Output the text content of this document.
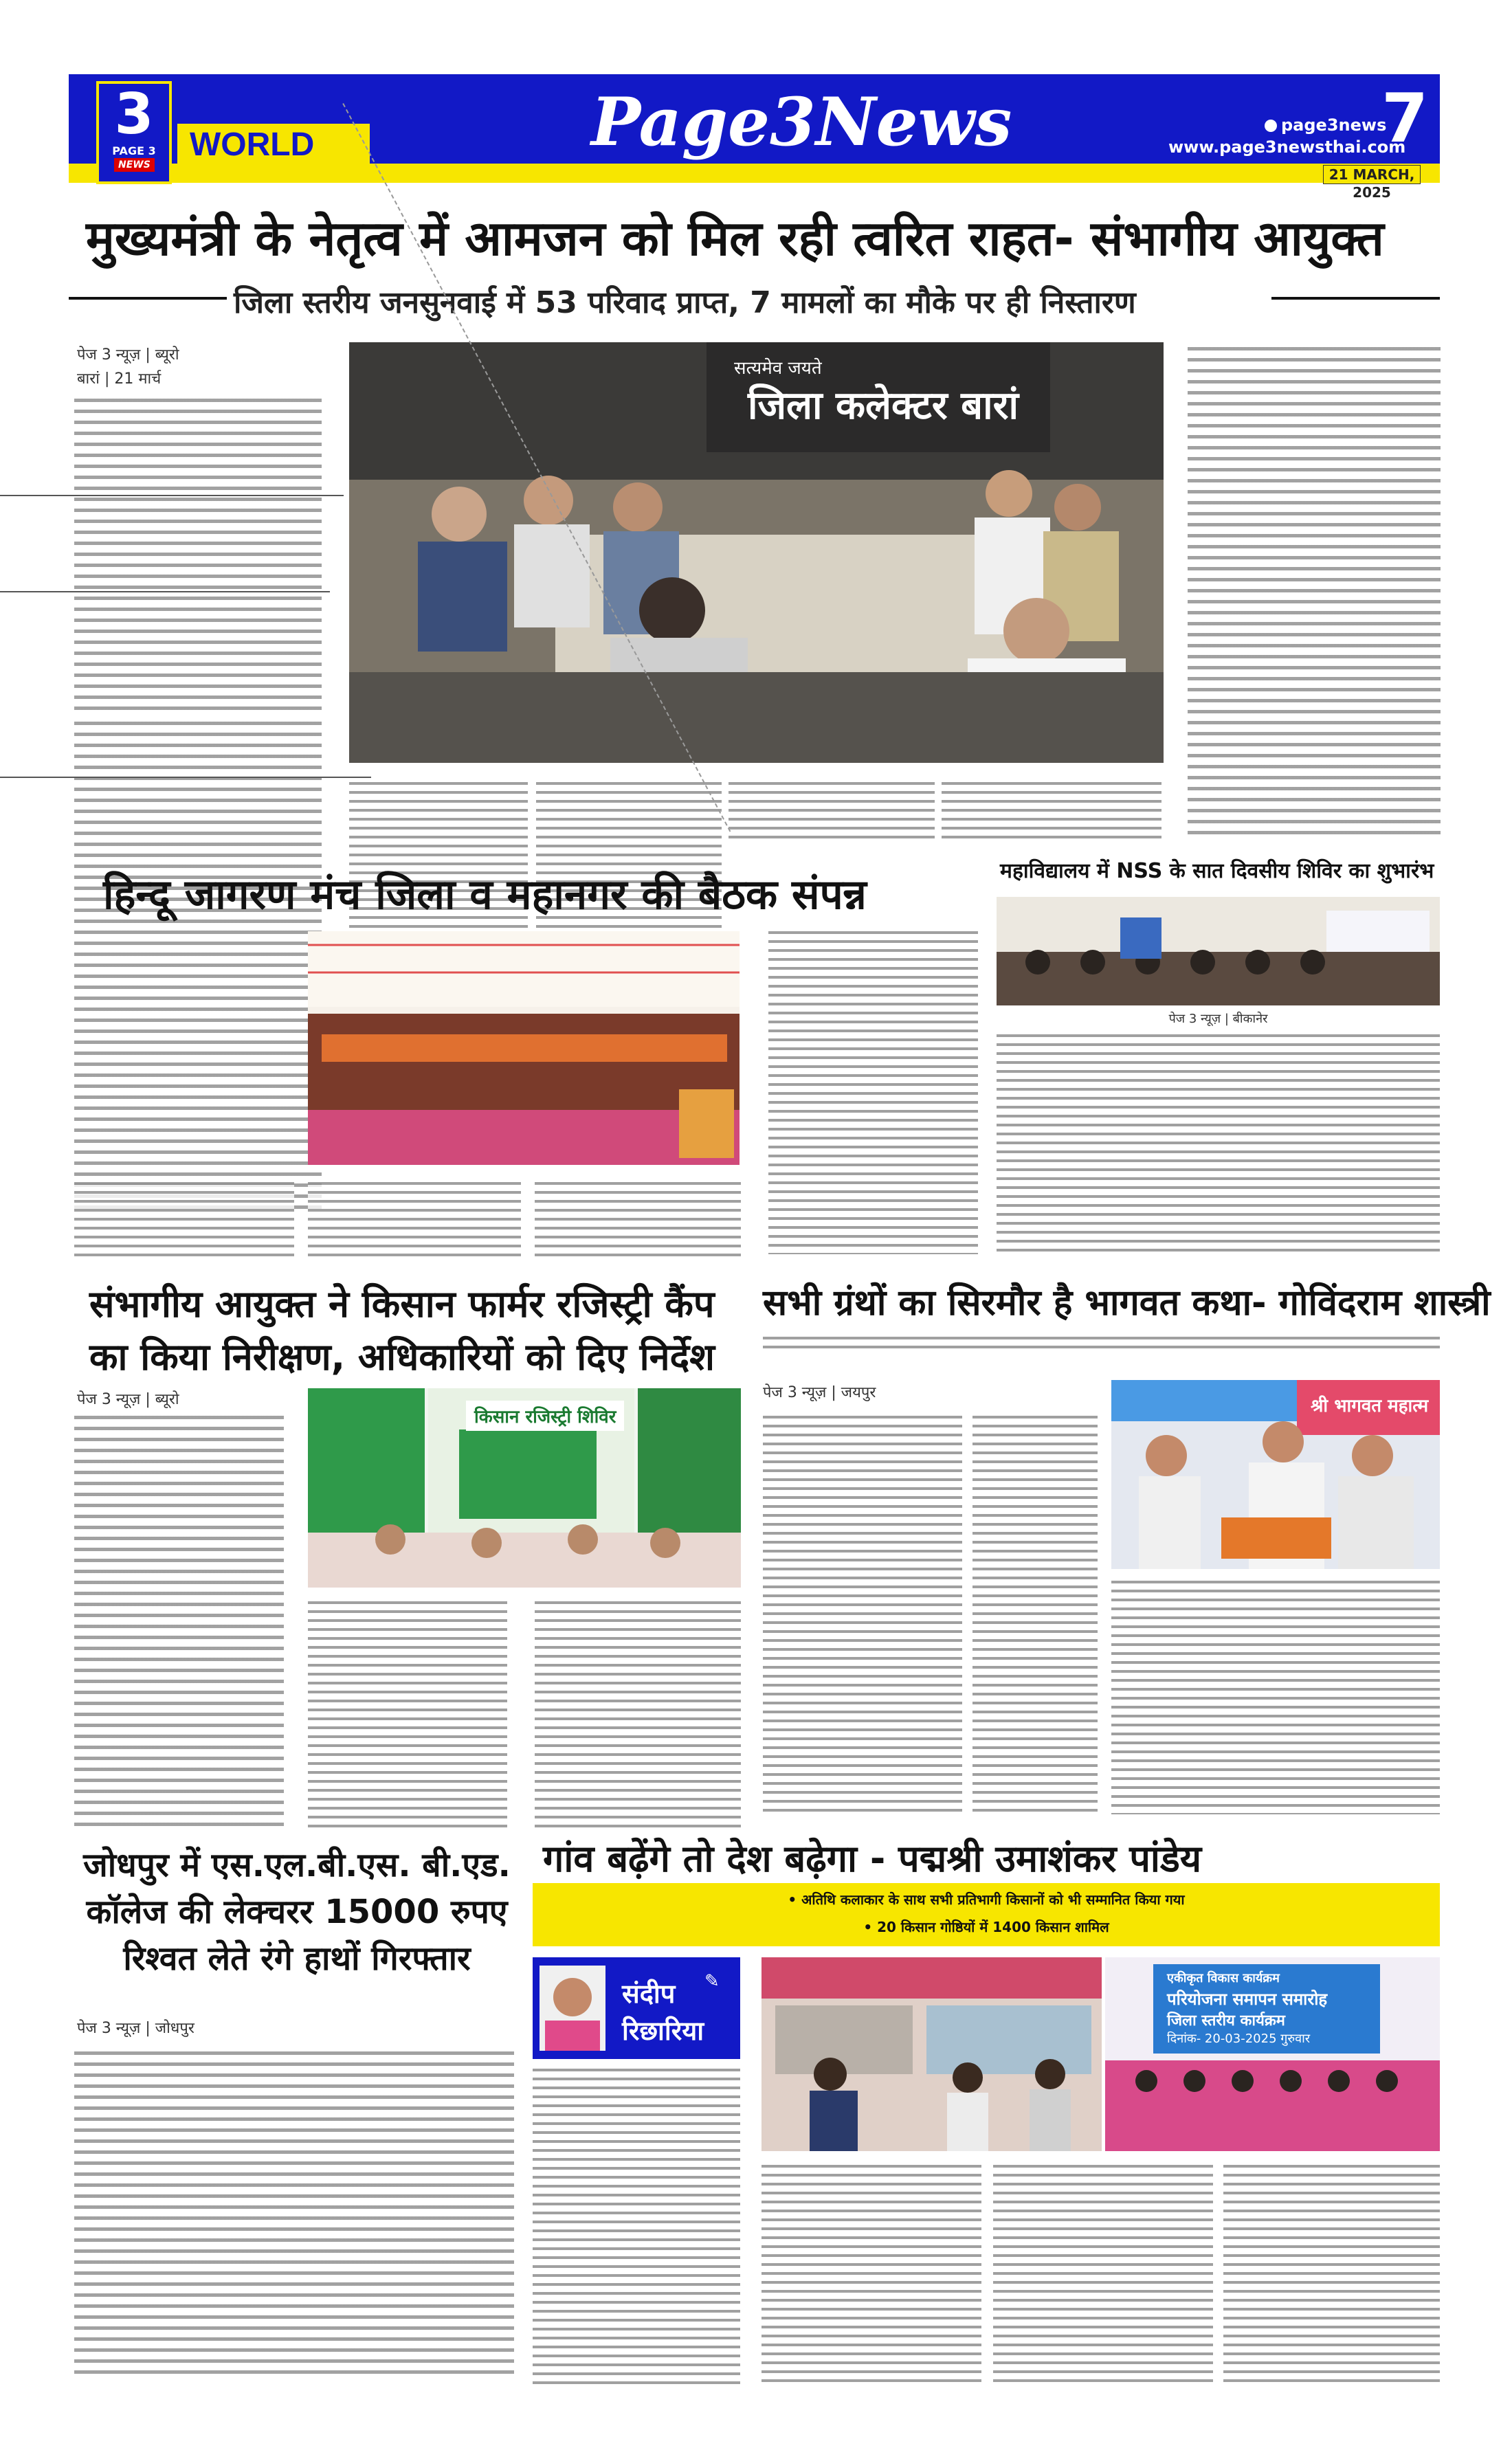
3
PAGE 3
NEWS
WORLD	Page3News	page3news
www.page3newsthai.com
7
21 MARCH, 2025
मुख्यमंत्री के नेतृत्व में आमजन को मिल रही त्वरित राहत- संभागीय आयुक्त
जिला स्तरीय जनसुनवाई में 53 परिवाद प्राप्त, 7 मामलों का मौके पर ही निस्तारण
पेज 3 न्यूज़ | ब्यूरो
बारां | 21 मार्च
सत्यमेव जयते
जिला कलेक्टर बारां
हिन्दू जागरण मंच जिला व महानगर की बैठक संपन्न	महाविद्यालय में NSS के सात दिवसीय शिविर का शुभारंभ
पेज 3 न्यूज़ | बीकानेर
संभागीय आयुक्त ने किसान फार्मर रजिस्ट्री कैंप
का किया निरीक्षण, अधिकारियों को दिए निर्देश
पेज 3 न्यूज़ | ब्यूरो
किसान रजिस्ट्री शिविर
सभी ग्रंथों का सिरमौर है भागवत कथा- गोविंदराम शास्त्री
पेज 3 न्यूज़ | जयपुर
श्री भागवत महात्म
जोधपुर में एस.एल.बी.एस. बी.एड.
कॉलेज की लेक्चरर 15000 रुपए
रिश्वत लेते रंगे हाथों गिरफ्तार
पेज 3 न्यूज़ | जोधपुर
गांव बढ़ेंगे तो देश बढ़ेगा - पद्मश्री उमाशंकर पांडेय
• अतिथि कलाकार के साथ सभी प्रतिभागी किसानों को भी सम्मानित किया गया
• 20 किसान गोष्ठियों में 1400 किसान शामिल
संदीप
रिछारिया
✎	एकीकृत विकास कार्यक्रम
परियोजना समापन समारोह
जिला स्तरीय कार्यक्रम
दिनांक- 20-03-2025 गुरुवार
